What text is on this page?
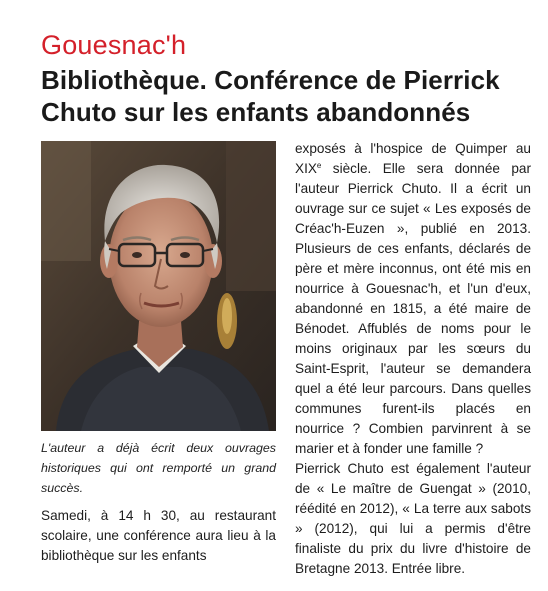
Gouesnac'h
Bibliothèque. Conférence de Pierrick Chuto sur les enfants abandonnés
L'auteur a déjà écrit deux ouvrages historiques qui ont remporté un grand succès.
Samedi, à 14 h 30, au restaurant scolaire, une conférence aura lieu à la bibliothèque sur les enfants

exposés à l'hospice de Quimper au XIXe siècle. Elle sera donnée par l'auteur Pierrick Chuto. Il a écrit un ouvrage sur ce sujet « Les exposés de Créac'h-Euzen », publié en 2013. Plusieurs de ces enfants, déclarés de père et mère inconnus, ont été mis en nourrice à Gouesnac'h, et l'un d'eux, abandonné en 1815, a été maire de Bénodet. Affublés de noms pour le moins originaux par les sœurs du Saint-Esprit, l'auteur se demandera quel a été leur parcours. Dans quelles communes furent-ils placés en nourrice ? Combien parvinrent à se marier et à fonder une famille ?

Pierrick Chuto est également l'auteur de « Le maître de Guengat » (2010, réédité en 2012), « La terre aux sabots » (2012), qui lui a permis d'être finaliste du prix du livre d'histoire de Bretagne 2013. Entrée libre.
